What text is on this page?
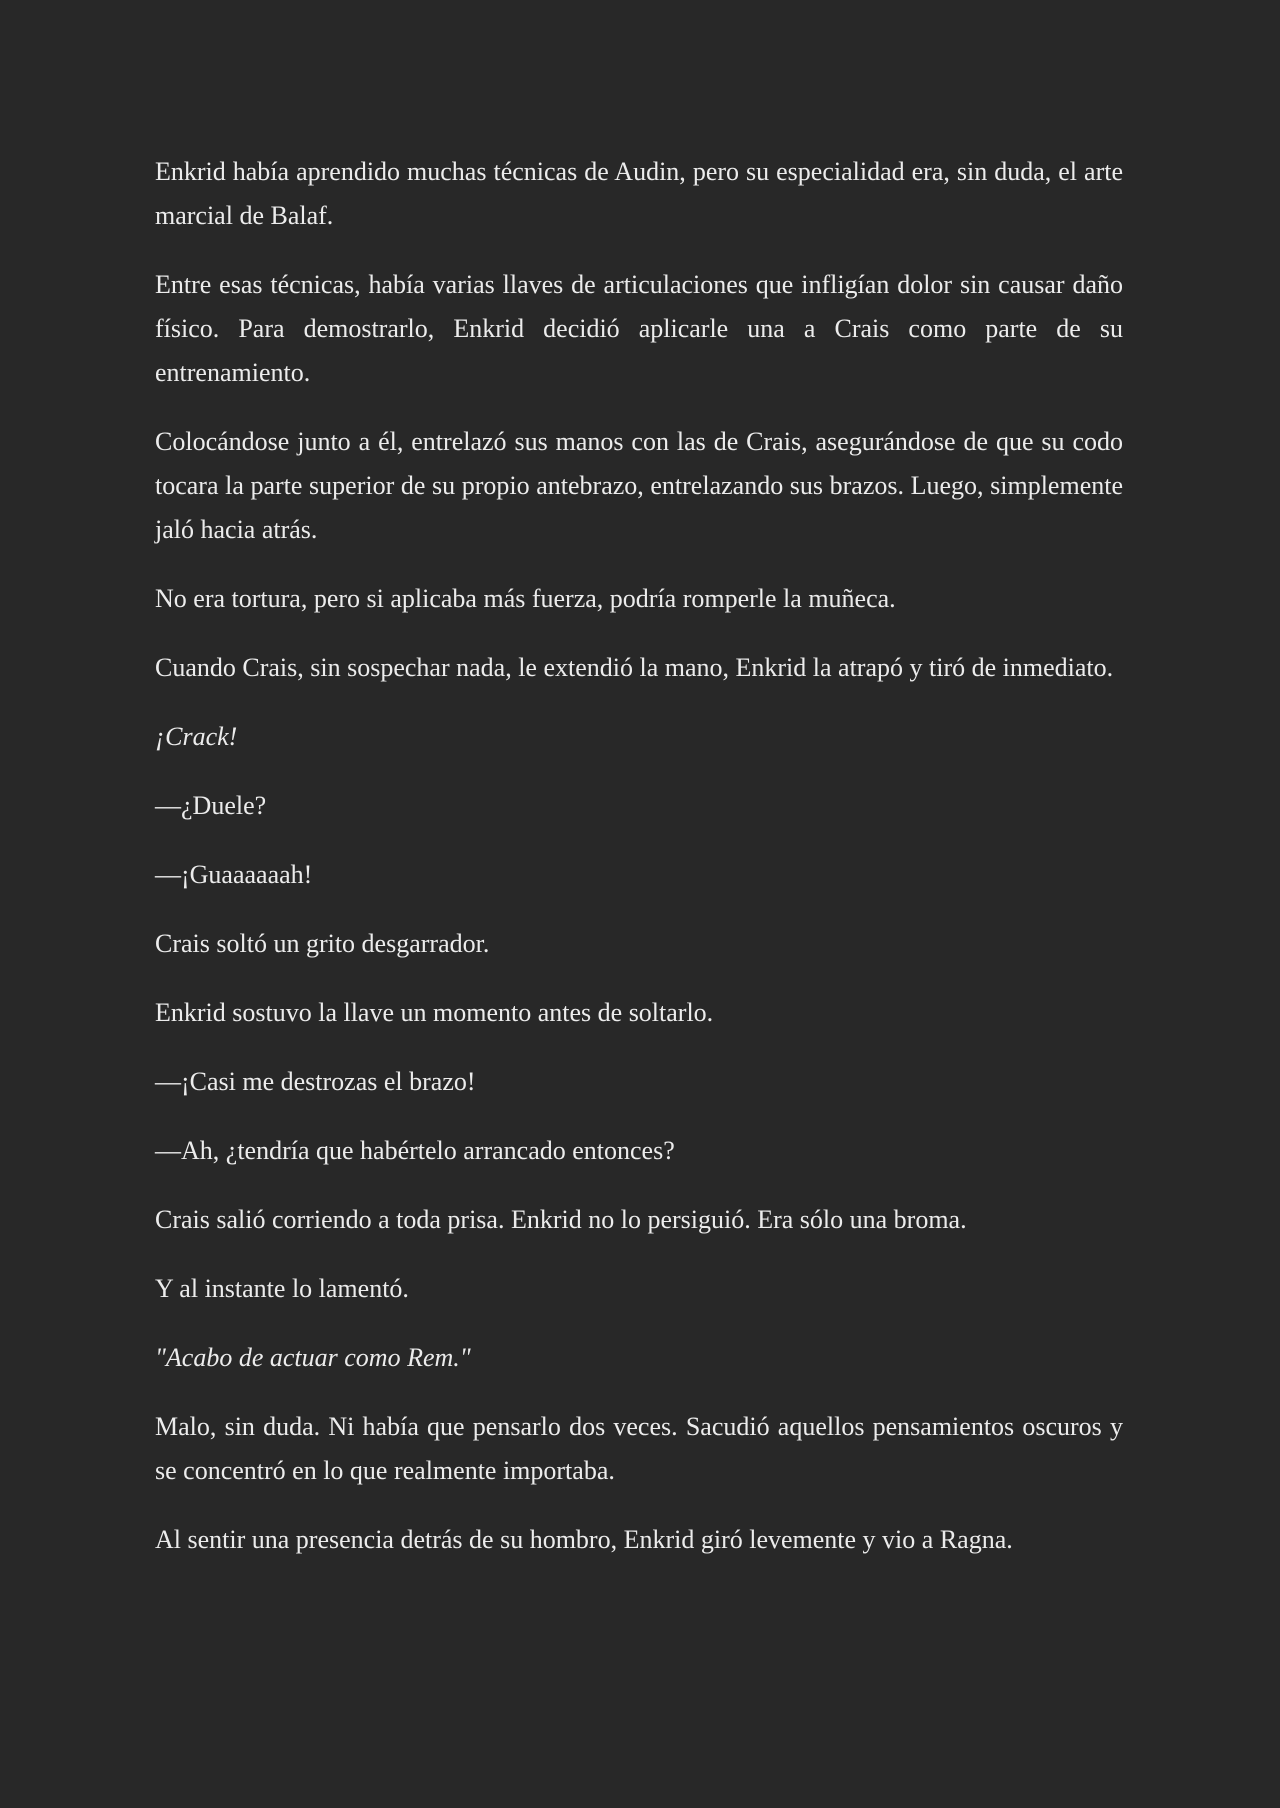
Enkrid había aprendido muchas técnicas de Audin, pero su especialidad era, sin duda, el arte marcial de Balaf.

Entre esas técnicas, había varias llaves de articulaciones que infligían dolor sin causar daño físico. Para demostrarlo, Enkrid decidió aplicarle una a Crais como parte de su entrenamiento.

Colocándose junto a él, entrelazó sus manos con las de Crais, asegurándose de que su codo tocara la parte superior de su propio antebrazo, entrelazando sus brazos. Luego, simplemente jaló hacia atrás.

No era tortura, pero si aplicaba más fuerza, podría romperle la muñeca.

Cuando Crais, sin sospechar nada, le extendió la mano, Enkrid la atrapó y tiró de inmediato.

¡Crack!

—¿Duele?

—¡Guaaaaaah!

Crais soltó un grito desgarrador.

Enkrid sostuvo la llave un momento antes de soltarlo.

—¡Casi me destrozas el brazo!

—Ah, ¿tendría que habértelo arrancado entonces?

Crais salió corriendo a toda prisa. Enkrid no lo persiguió. Era sólo una broma.

Y al instante lo lamentó.

"Acabo de actuar como Rem."

Malo, sin duda. Ni había que pensarlo dos veces. Sacudió aquellos pensamientos oscuros y se concentró en lo que realmente importaba.

Al sentir una presencia detrás de su hombro, Enkrid giró levemente y vio a Ragna.
